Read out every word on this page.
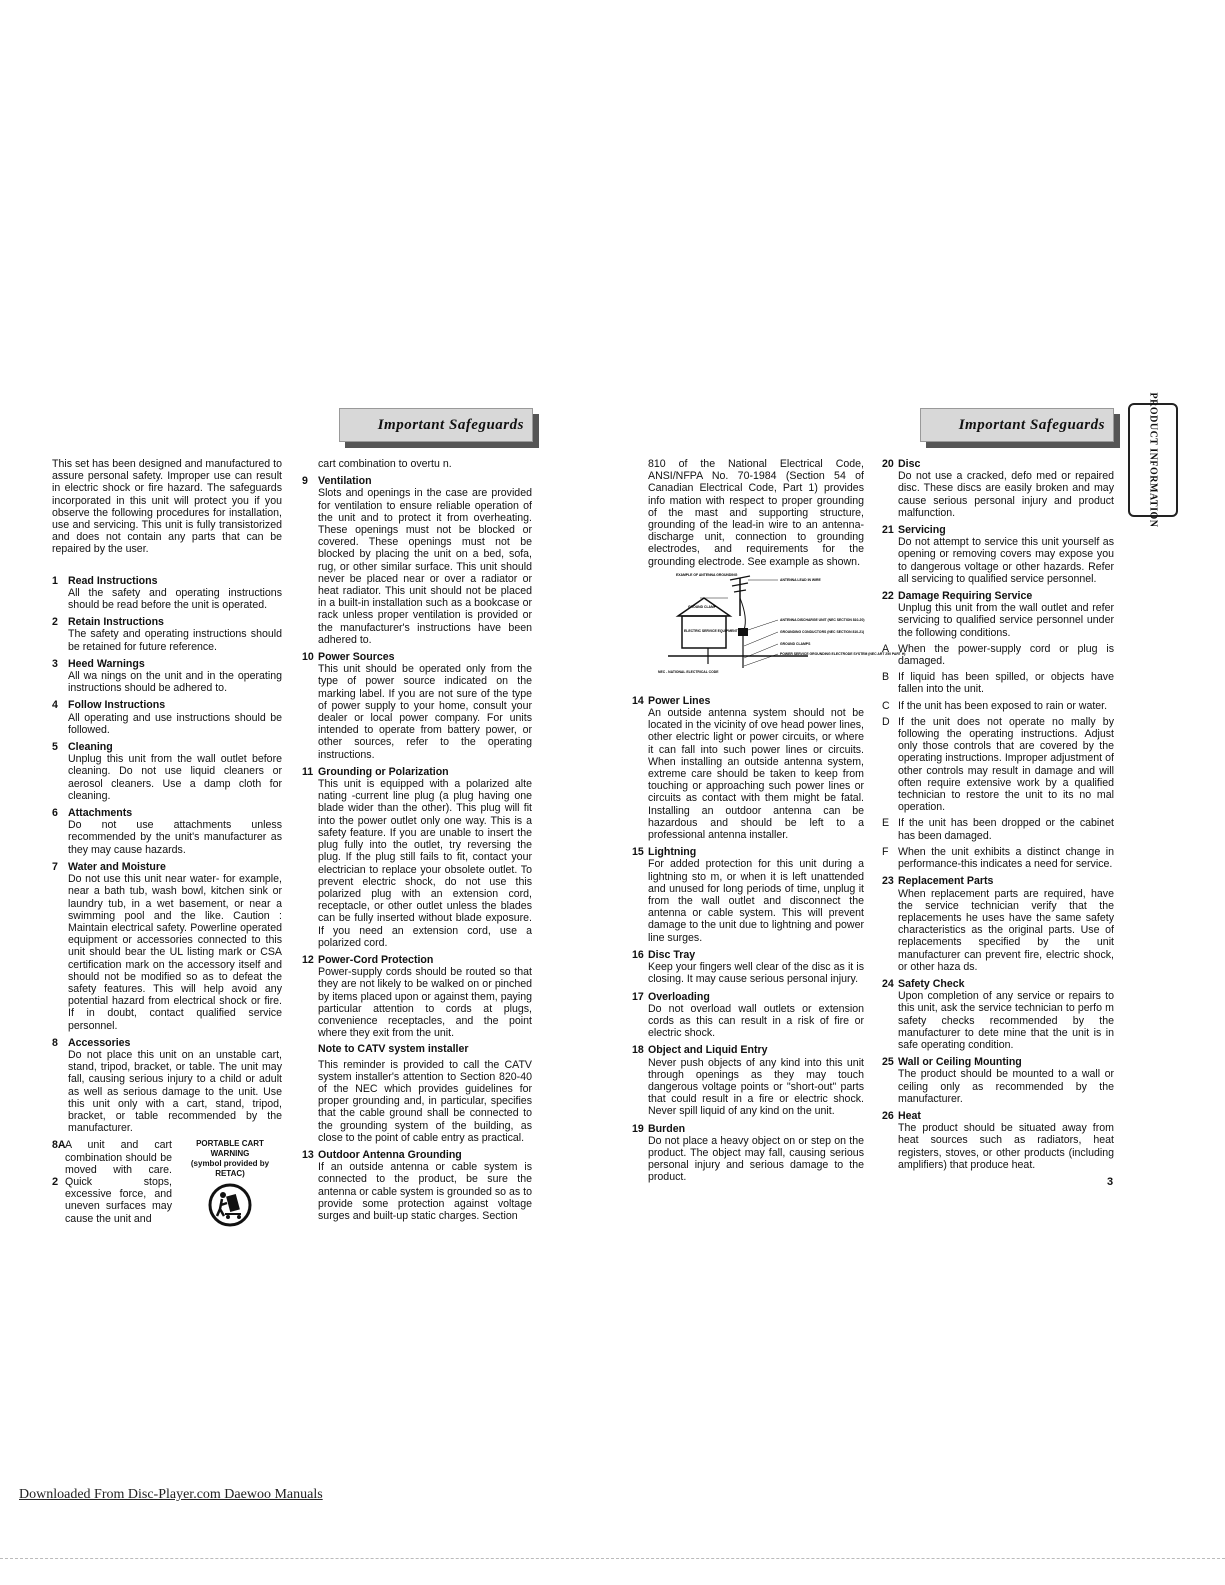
Important Safeguards	Important Safeguards	PRODUCT INFORMATION

This set has been designed and manufactured to assure personal safety. Improper use can result in electric shock or fire hazard. The safeguards incorporated in this unit will protect you if you observe the following procedures for installation, use and servicing. This unit is fully transistorized and does not contain any parts that can be repaired by the user.

1 Read Instructions
All the safety and operating instructions should be read before the unit is operated.
2 Retain Instructions
The safety and operating instructions should be retained for future reference.
3 Heed Warnings
All wa nings on the unit and in the operating instructions should be adhered to.
4 Follow Instructions
All operating and use instructions should be followed.
5 Cleaning
Unplug this unit from the wall outlet before cleaning. Do not use liquid cleaners or aerosol cleaners. Use a damp cloth for cleaning.
6 Attachments
Do not use attachments unless recommended by the unit's manufacturer as they may cause hazards.
7 Water and Moisture
Do not use this unit near water- for example, near a bath tub, wash bowl, kitchen sink or laundry tub, in a wet basement, or near a swimming pool and the like. Caution : Maintain electrical safety. Powerline operated equipment or accessories connected to this unit should bear the UL listing mark or CSA certification mark on the accessory itself and should not be modified so as to defeat the safety features. This will help avoid any potential hazard from electrical shock or fire. If in doubt, contact qualified service personnel.
8 Accessories
Do not place this unit on an unstable cart, stand, tripod, bracket, or table. The unit may fall, causing serious injury to a child or adult as well as serious damage to the unit. Use this unit only with a cart, stand, tripod, bracket, or table recommended by the manufacturer.
8A A unit and cart combination should be moved with care. Quick stops, excessive force, and uneven surfaces may cause the unit and
PORTABLE CART WARNING
(symbol provided by RETAC)

cart combination to overtu n.

9 Ventilation
Slots and openings in the case are provided for ventilation to ensure reliable operation of the unit and to protect it from overheating. These openings must not be blocked or covered. These openings must not be blocked by placing the unit on a bed, sofa, rug, or other similar surface. This unit should never be placed near or over a radiator or heat radiator. This unit should not be placed in a built-in installation such as a bookcase or rack unless proper ventilation is provided or the manufacturer's instructions have been adhered to.
10 Power Sources
This unit should be operated only from the type of power source indicated on the marking label. If you are not sure of the type of power supply to your home, consult your dealer or local power company. For units intended to operate from battery power, or other sources, refer to the operating instructions.
11 Grounding or Polarization
This unit is equipped with a polarized alte nating -current line plug (a plug having one blade wider than the other). This plug will fit into the power outlet only one way. This is a safety feature. If you are unable to insert the plug fully into the outlet, try reversing the plug. If the plug still fails to fit, contact your electrician to replace your obsolete outlet. To prevent electric shock, do not use this polarized plug with an extension cord, receptacle, or other outlet unless the blades can be fully inserted without blade exposure. If you need an extension cord, use a polarized cord.
12 Power-Cord Protection
Power-supply cords should be routed so that they are not likely to be walked on or pinched by items placed upon or against them, paying particular attention to cords at plugs, convenience receptacles, and the point where they exit from the unit.
Note to CATV system installer
This reminder is provided to call the CATV system installer's attention to Section 820-40 of the NEC which provides guidelines for proper grounding and, in particular, specifies that the cable ground shall be connected to the grounding system of the building, as close to the point of cable entry as practical.
13 Outdoor Antenna Grounding
If an outside antenna or cable system is connected to the product, be sure the antenna or cable system is grounded so as to provide some protection against voltage surges and built-up static charges. Section

810 of the National Electrical Code, ANSI/NFPA No. 70-1984 (Section 54 of Canadian Electrical Code, Part 1) provides info mation with respect to proper grounding of the mast and supporting structure, grounding of the lead-in wire to an antenna-discharge unit, connection to grounding electrodes, and requirements for the grounding electrode. See example as shown.

14 Power Lines
An outside antenna system should not be located in the vicinity of ove head power lines, other electric light or power circuits, or where it can fall into such power lines or circuits. When installing an outside antenna system, extreme care should be taken to keep from touching or approaching such power lines or circuits as contact with them might be fatal. Installing an outdoor antenna can be hazardous and should be left to a professional antenna installer.
15 Lightning
For added protection for this unit during a lightning sto m, or when it is left unattended and unused for long periods of time, unplug it from the wall outlet and disconnect the antenna or cable system. This will prevent damage to the unit due to lightning and power line surges.
16 Disc Tray
Keep your fingers well clear of the disc as it is closing. It may cause serious personal injury.
17 Overloading
Do not overload wall outlets or extension cords as this can result in a risk of fire or electric shock.
18 Object and Liquid Entry
Never push objects of any kind into this unit through openings as they may touch dangerous voltage points or "short-out" parts that could result in a fire or electric shock. Never spill liquid of any kind on the unit.
19 Burden
Do not place a heavy object on or step on the product. The object may fall, causing serious personal injury and serious damage to the product.
EXAMPLE OF ANTENNA GROUNDING
ANTENNA LEAD IN WIRE
GROUND CLAMP
ANTENNA DISCHARGE UNIT (NEC SECTION 810-20)
ELECTRIC SERVICE EQUIPMENT	GROUNDING CONDUCTORS (NEC SECTION 810-21)
GROUND CLAMPS
POWER SERVICE GROUNDING ELECTRODE SYSTEM (NEC ART 250 PART H)
NEC - NATIONAL ELECTRICAL CODE
20 Disc
Do not use a cracked, defo med or repaired disc. These discs are easily broken and may cause serious personal injury and product malfunction.
21 Servicing
Do not attempt to service this unit yourself as opening or removing covers may expose you to dangerous voltage or other hazards. Refer all servicing to qualified service personnel.
22 Damage Requiring Service
Unplug this unit from the wall outlet and refer servicing to qualified service personnel under the following conditions.
A When the power-supply cord or plug is damaged.
B If liquid has been spilled, or objects have fallen into the unit.
C If the unit has been exposed to rain or water.
D If the unit does not operate no mally by following the operating instructions. Adjust only those controls that are covered by the operating instructions. Improper adjustment of other controls may result in damage and will often require extensive work by a qualified technician to restore the unit to its no mal operation.
E If the unit has been dropped or the cabinet has been damaged.
F When the unit exhibits a distinct change in performance-this indicates a need for service.
23 Replacement Parts
When replacement parts are required, have the service technician verify that the replacements he uses have the same safety characteristics as the original parts. Use of replacements specified by the unit manufacturer can prevent fire, electric shock, or other haza ds.
24 Safety Check
Upon completion of any service or repairs to this unit, ask the service technician to perfo m safety checks recommended by the manufacturer to dete mine that the unit is in safe operating condition.
25 Wall or Ceiling Mounting
The product should be mounted to a wall or ceiling only as recommended by the manufacturer.
26 Heat
The product should be situated away from heat sources such as radiators, heat registers, stoves, or other products (including amplifiers) that produce heat.
2	3
Downloaded From Disc-Player.com Daewoo Manuals
